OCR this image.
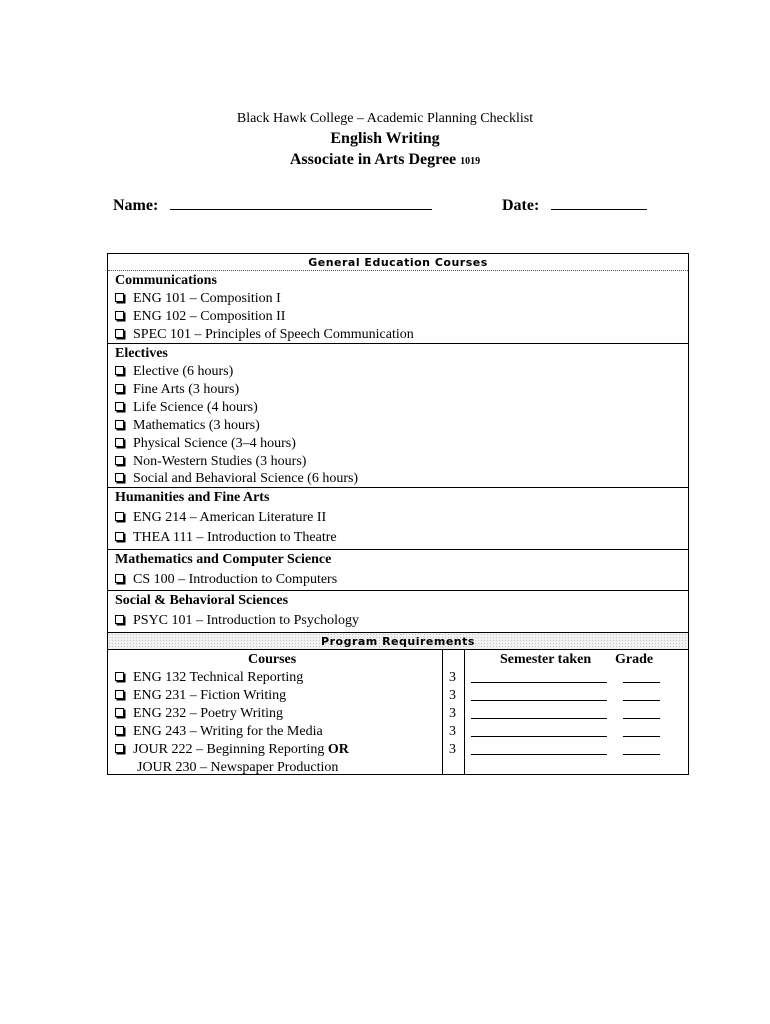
Black Hawk College – Academic Planning Checklist
English Writing
Associate in Arts Degree 1019
Name:	Date:
General Education Courses
Communications
ENG 101 – Composition I
ENG 102 – Composition II
SPEC 101 – Principles of Speech Communication
Electives
Elective (6 hours)
Fine Arts (3 hours)
Life Science (4 hours)
Mathematics (3 hours)
Physical Science (3–4 hours)
Non-Western Studies (3 hours)
Social and Behavioral Science (6 hours)
Humanities and Fine Arts
ENG 214 – American Literature II
THEA 111 – Introduction to Theatre
Mathematics and Computer Science
CS 100 – Introduction to Computers
Social & Behavioral Sciences
PSYC 101 – Introduction to Psychology
Program Requirements
Courses	Semester taken Grade
ENG 132 Technical Reporting	3
ENG 231 – Fiction Writing	3
ENG 232 – Poetry Writing	3
ENG 243 – Writing for the Media	3
JOUR 222 – Beginning Reporting OR	3
JOUR 230 – Newspaper Production
